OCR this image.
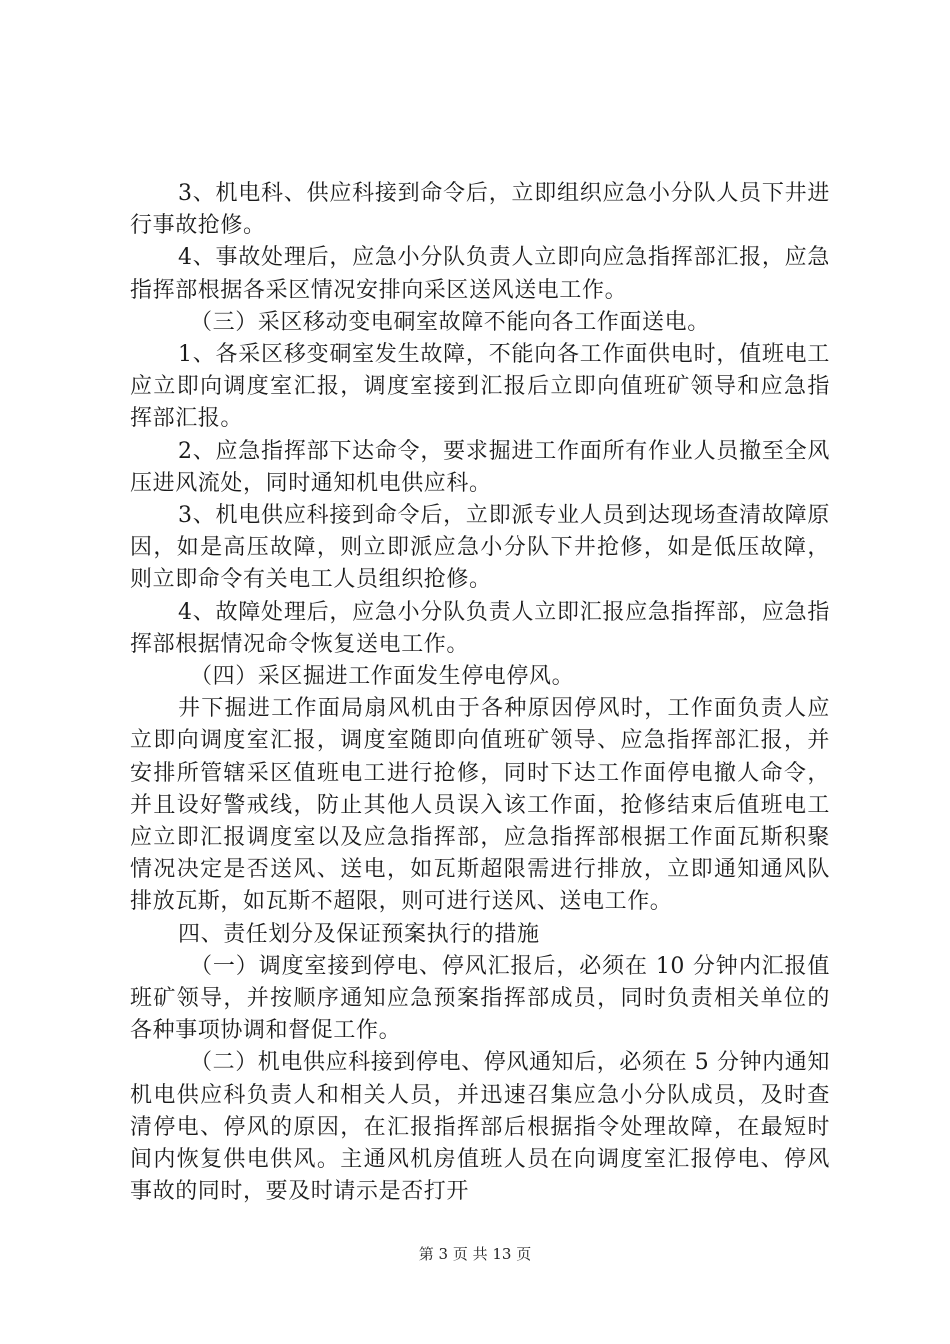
3、机电科、供应科接到命令后，立即组织应急小分队人员下井进行事故抢修。

4、事故处理后，应急小分队负责人立即向应急指挥部汇报，应急指挥部根据各采区情况安排向采区送风送电工作。

（三）采区移动变电硐室故障不能向各工作面送电。

1、各采区移变硐室发生故障，不能向各工作面供电时，值班电工应立即向调度室汇报，调度室接到汇报后立即向值班矿领导和应急指挥部汇报。

2、应急指挥部下达命令，要求掘进工作面所有作业人员撤至全风压进风流处，同时通知机电供应科。

3、机电供应科接到命令后，立即派专业人员到达现场查清故障原因，如是高压故障，则立即派应急小分队下井抢修，如是低压故障，则立即命令有关电工人员组织抢修。

4、故障处理后，应急小分队负责人立即汇报应急指挥部，应急指挥部根据情况命令恢复送电工作。

（四）采区掘进工作面发生停电停风。

井下掘进工作面局扇风机由于各种原因停风时，工作面负责人应立即向调度室汇报，调度室随即向值班矿领导、应急指挥部汇报，并安排所管辖采区值班电工进行抢修，同时下达工作面停电撤人命令，并且设好警戒线，防止其他人员误入该工作面，抢修结束后值班电工应立即汇报调度室以及应急指挥部，应急指挥部根据工作面瓦斯积聚情况决定是否送风、送电，如瓦斯超限需进行排放，立即通知通风队排放瓦斯，如瓦斯不超限，则可进行送风、送电工作。

四、责任划分及保证预案执行的措施

（一）调度室接到停电、停风汇报后，必须在 10 分钟内汇报值班矿领导，并按顺序通知应急预案指挥部成员，同时负责相关单位的各种事项协调和督促工作。

（二）机电供应科接到停电、停风通知后，必须在 5 分钟内通知机电供应科负责人和相关人员，并迅速召集应急小分队成员，及时查清停电、停风的原因，在汇报指挥部后根据指令处理故障，在最短时间内恢复供电供风。主通风机房值班人员在向调度室汇报停电、停风事故的同时，要及时请示是否打开

第 3 页 共 13 页
